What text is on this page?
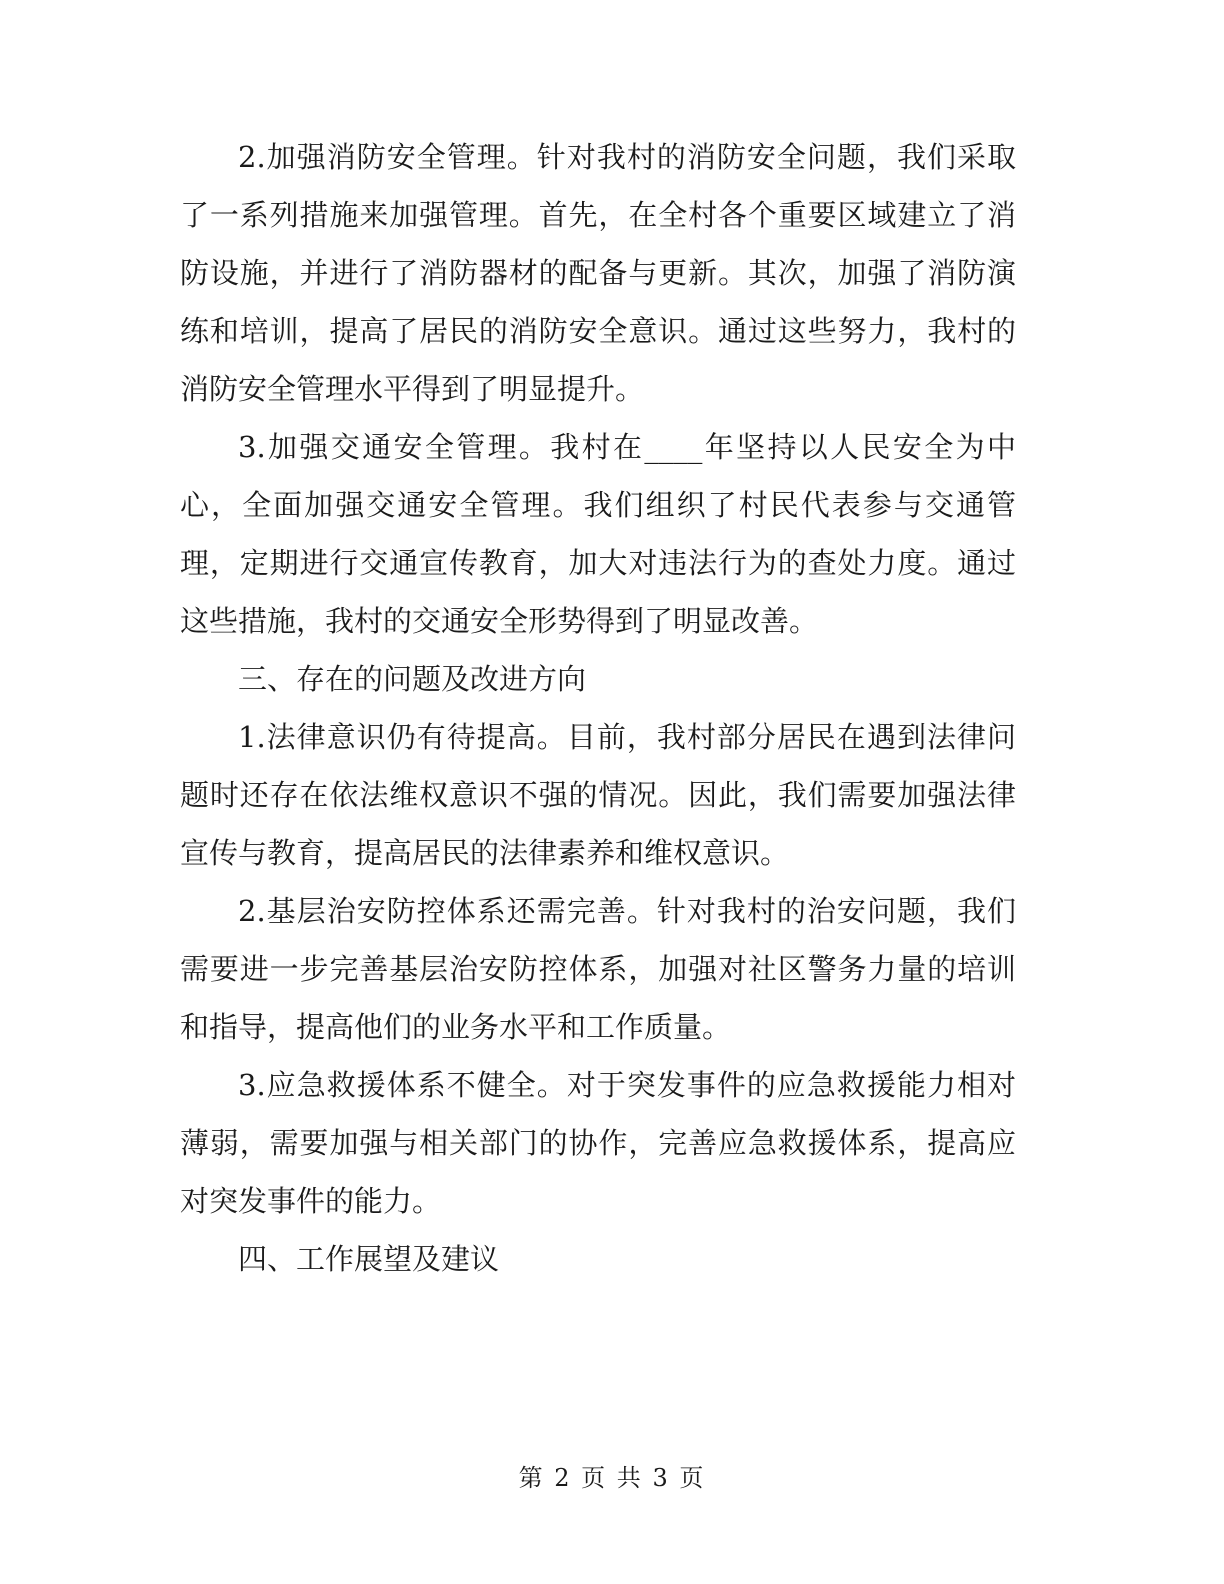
2.加强消防安全管理。针对我村的消防安全问题，我们采取了一系列措施来加强管理。首先，在全村各个重要区域建立了消防设施，并进行了消防器材的配备与更新。其次，加强了消防演练和培训，提高了居民的消防安全意识。通过这些努力，我村的消防安全管理水平得到了明显提升。

3.加强交通安全管理。我村在____年坚持以人民安全为中心，全面加强交通安全管理。我们组织了村民代表参与交通管理，定期进行交通宣传教育，加大对违法行为的查处力度。通过这些措施，我村的交通安全形势得到了明显改善。

三、存在的问题及改进方向

1.法律意识仍有待提高。目前，我村部分居民在遇到法律问题时还存在依法维权意识不强的情况。因此，我们需要加强法律宣传与教育，提高居民的法律素养和维权意识。

2.基层治安防控体系还需完善。针对我村的治安问题，我们需要进一步完善基层治安防控体系，加强对社区警务力量的培训和指导，提高他们的业务水平和工作质量。

3.应急救援体系不健全。对于突发事件的应急救援能力相对薄弱，需要加强与相关部门的协作，完善应急救援体系，提高应对突发事件的能力。

四、工作展望及建议

第 2 页 共 3 页
